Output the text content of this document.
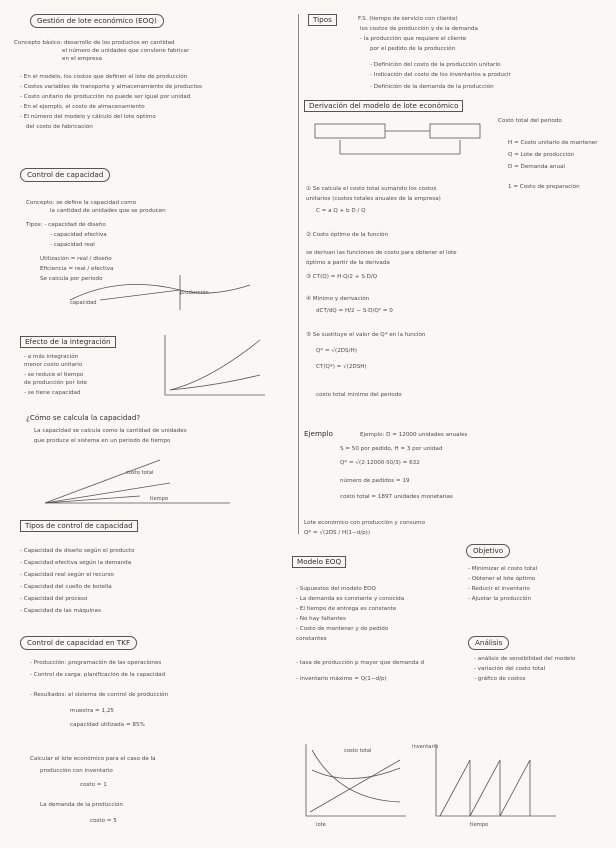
Gestión de lote económico (EOQ)
Concepto básico: desarrollo de los productos en cantidad
el número de unidades que conviene fabricar
en el empresa
- En el modelo, los costos que definen el lote de producción
- Costos variables de transporte y almacenamiento de productos
- Costo unitario de producción no puede ser igual por unidad
- En el ejemplo, el costo de almacenamiento
- El número del modelo y cálculo del lote óptimo
del costo de fabricación
Control de capacidad
Concepto: se define la capacidad como
la cantidad de unidades que se producen
Tipos: - capacidad de diseño
- capacidad efectiva
- capacidad real
Utilización = real / diseño
Eficiencia = real / efectiva
Se calcula por periodo
capacidad
producción
Efecto de la integración
- a más integración
menor costo unitario
- se reduce el tiempo
de producción por lote
- se tiene capacidad
¿Cómo se calcula la capacidad?
La capacidad se calcula como la cantidad de unidades
que produce el sistema en un periodo de tiempo
costo total
tiempo
Tipos de control de capacidad
- Capacidad de diseño según el producto
- Capacidad efectiva según la demanda
- Capacidad real según el recurso
- Capacidad del cuello de botella
- Capacidad del proceso
- Capacidad de las máquinas
Control de capacidad en TKF
- Producción: programación de las operaciones
- Control de carga: planificación de la capacidad
- Resultados: el sistema de control de producción
muestra = 1,25
capacidad utilizada = 85%
Calcular el lote económico para el caso de la
producción con inventario
costo = 1
La demanda de la producción
costo = 5
Tipos	F.S. (tiempo de servicio con cliente)
los costos de producción y de la demanda
- la producción que requiere el cliente
por el pedido de la producción
- Definición del costo de la producción unitario
- Indicación del costo de los inventarios a producir
- Definición de la demanda de la producción
Derivación del modelo de lote económico
Costo total del periodo
H = Costo unitario de mantener
Q = Lote de producción
D = Demanda anual
1 = Costo de preparación
① Se calcula el costo total sumando los costos
unitarios (costos totales anuales de la empresa)
C = a Q + b D / Q
② Costo óptimo de la función
se derivan las funciones de costo para obtener el lote
óptimo a partir de la derivada
③ CT(Q) = H·Q/2 + S·D/Q
④ Mínimo y derivación
dCT/dQ = H/2 − S·D/Q² = 0
⑤ Se sustituye el valor de Q* en la función
Q* = √(2DS/H)
CT(Q*) = √(2DSH)
costo total mínimo del periodo
Ejemplo	Ejemplo: D = 12000 unidades anuales
S = 50 por pedido, H = 3 por unidad
Q* = √(2·12000·50/3) = 632
número de pedidos = 19
costo total = 1897 unidades monetarias
Lote económico con producción y consumo
Q* = √(2DS / H(1−d/p))
Modelo EOQ
- Supuestos del modelo EOQ
- La demanda es constante y conocida
- El tiempo de entrega es constante
- No hay faltantes
- Costo de mantener y de pedido
constantes
- tasa de producción p mayor que demanda d
- inventario máximo = Q(1−d/p)
Objetivo
- Minimizar el costo total
- Obtener el lote óptimo
- Reducir el inventario
- Ajustar la producción
Análisis
- análisis de sensibilidad del modelo
- variación del costo total
- gráfico de costos
lote
costo total
tiempo
inventario
